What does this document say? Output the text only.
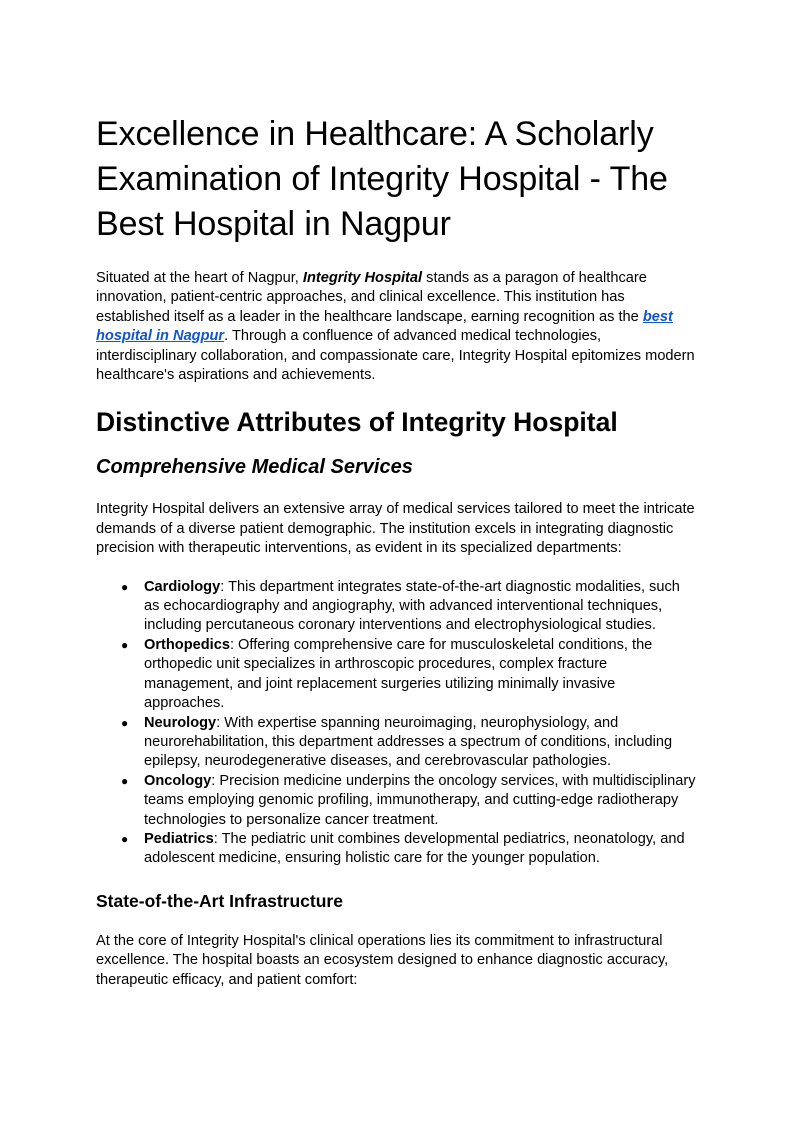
Excellence in Healthcare: A Scholarly Examination of Integrity Hospital - The Best Hospital in Nagpur

Situated at the heart of Nagpur, Integrity Hospital stands as a paragon of healthcare innovation, patient-centric approaches, and clinical excellence. This institution has established itself as a leader in the healthcare landscape, earning recognition as the best hospital in Nagpur. Through a confluence of advanced medical technologies, interdisciplinary collaboration, and compassionate care, Integrity Hospital epitomizes modern healthcare's aspirations and achievements.

Distinctive Attributes of Integrity Hospital
Comprehensive Medical Services

Integrity Hospital delivers an extensive array of medical services tailored to meet the intricate demands of a diverse patient demographic. The institution excels in integrating diagnostic precision with therapeutic interventions, as evident in its specialized departments:

● Cardiology: This department integrates state-of-the-art diagnostic modalities, such as echocardiography and angiography, with advanced interventional techniques, including percutaneous coronary interventions and electrophysiological studies.
● Orthopedics: Offering comprehensive care for musculoskeletal conditions, the orthopedic unit specializes in arthroscopic procedures, complex fracture management, and joint replacement surgeries utilizing minimally invasive approaches.
● Neurology: With expertise spanning neuroimaging, neurophysiology, and neurorehabilitation, this department addresses a spectrum of conditions, including epilepsy, neurodegenerative diseases, and cerebrovascular pathologies.
● Oncology: Precision medicine underpins the oncology services, with multidisciplinary teams employing genomic profiling, immunotherapy, and cutting-edge radiotherapy technologies to personalize cancer treatment.
● Pediatrics: The pediatric unit combines developmental pediatrics, neonatology, and adolescent medicine, ensuring holistic care for the younger population.
State-of-the-Art Infrastructure

At the core of Integrity Hospital's clinical operations lies its commitment to infrastructural excellence. The hospital boasts an ecosystem designed to enhance diagnostic accuracy, therapeutic efficacy, and patient comfort:
